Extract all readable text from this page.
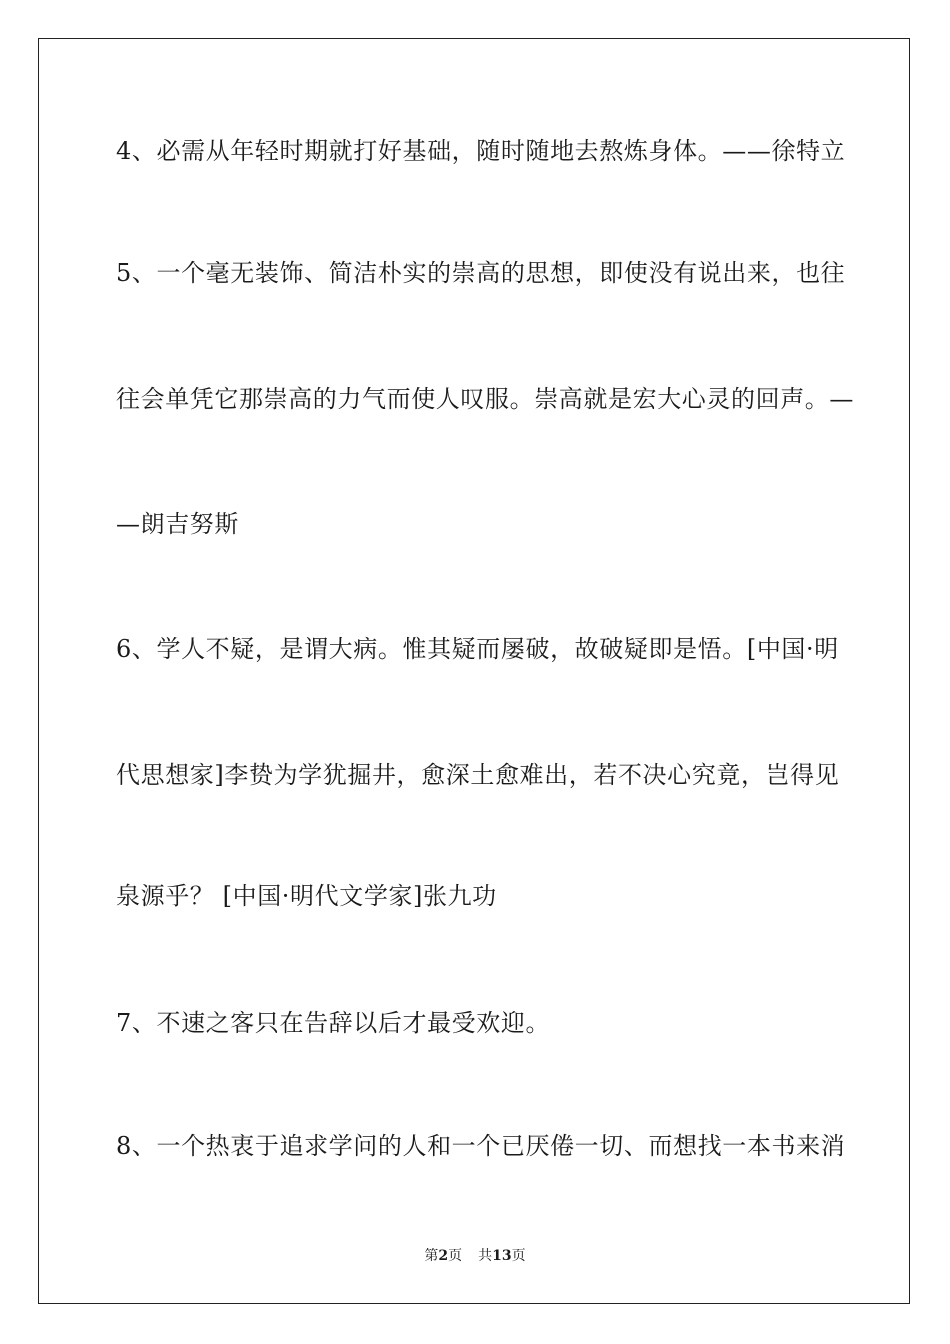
4、必需从年轻时期就打好基础，随时随地去熬炼身体。——徐特立
5、一个毫无装饰、简洁朴实的崇高的思想，即使没有说出来，也往
往会单凭它那崇高的力气而使人叹服。崇高就是宏大心灵的回声。—
—朗吉努斯
6、学人不疑，是谓大病。惟其疑而屡破，故破疑即是悟。[中国·明
代思想家]李贽为学犹掘井，愈深土愈难出，若不决心究竟，岂得见
泉源乎？ [中国·明代文学家]张九功
7、不速之客只在告辞以后才最受欢迎。
8、一个热衷于追求学问的人和一个已厌倦一切、而想找一本书来消
第2页 共13页
